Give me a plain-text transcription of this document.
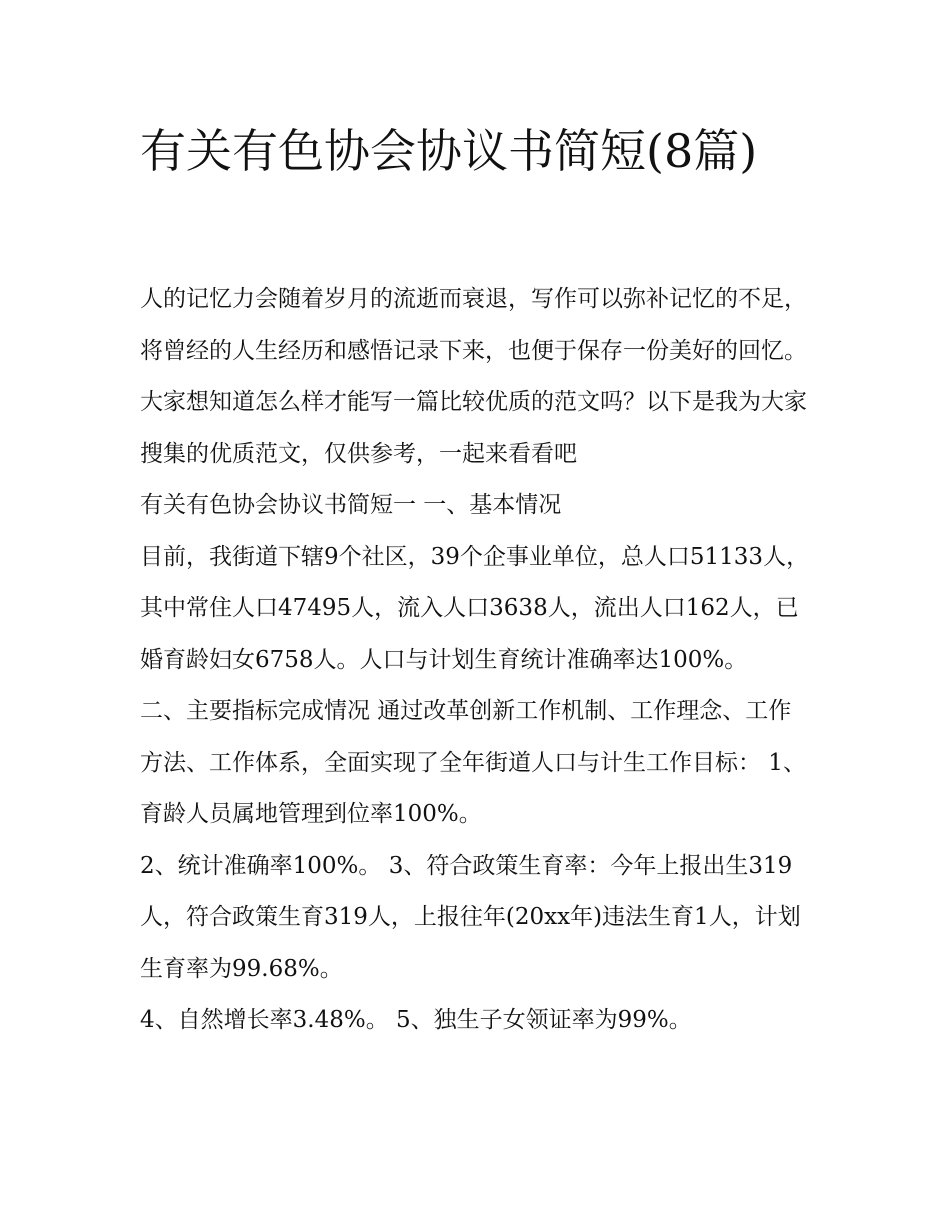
有关有色协会协议书简短(8篇)

人的记忆力会随着岁月的流逝而衰退，写作可以弥补记忆的不足，将曾经的人生经历和感悟记录下来，也便于保存一份美好的回忆。大家想知道怎么样才能写一篇比较优质的范文吗？以下是我为大家搜集的优质范文，仅供参考，一起来看看吧

有关有色协会协议书简短一 一、基本情况

目前，我街道下辖9个社区，39个企事业单位，总人口51133人，其中常住人口47495人，流入人口3638人，流出人口162人，已婚育龄妇女6758人。人口与计划生育统计准确率达100%。

二、主要指标完成情况 通过改革创新工作机制、工作理念、工作方法、工作体系，全面实现了全年街道人口与计生工作目标： 1、育龄人员属地管理到位率100%。

2、统计准确率100%。 3、符合政策生育率：今年上报出生319人，符合政策生育319人，上报往年(20xx年)违法生育1人，计划生育率为99.68%。

4、自然增长率3.48%。 5、独生子女领证率为99%。
